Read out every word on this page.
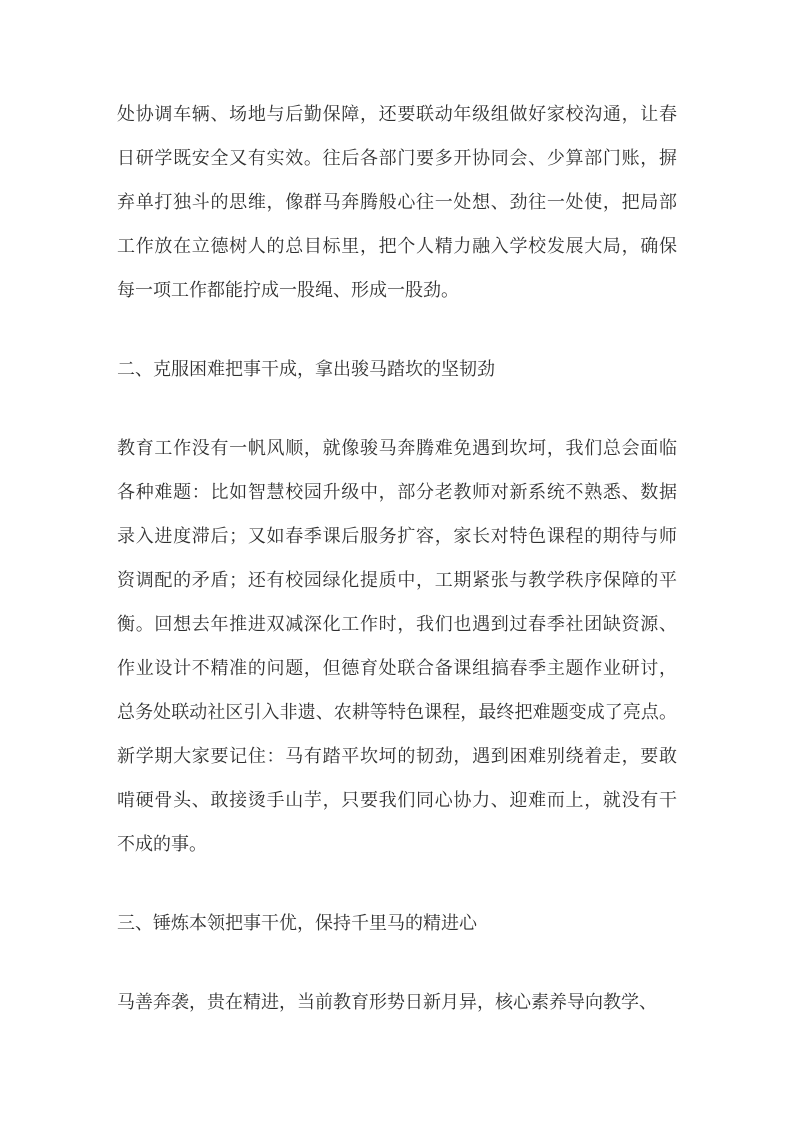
处协调车辆、场地与后勤保障，还要联动年级组做好家校沟通，让春
日研学既安全又有实效。往后各部门要多开协同会、少算部门账，摒
弃单打独斗的思维，像群马奔腾般心往一处想、劲往一处使，把局部
工作放在立德树人的总目标里，把个人精力融入学校发展大局，确保
每一项工作都能拧成一股绳、形成一股劲。
二、克服困难把事干成，拿出骏马踏坎的坚韧劲
教育工作没有一帆风顺，就像骏马奔腾难免遇到坎坷，我们总会面临
各种难题：比如智慧校园升级中，部分老教师对新系统不熟悉、数据
录入进度滞后；又如春季课后服务扩容，家长对特色课程的期待与师
资调配的矛盾；还有校园绿化提质中，工期紧张与教学秩序保障的平
衡。回想去年推进双减深化工作时，我们也遇到过春季社团缺资源、
作业设计不精准的问题，但德育处联合备课组搞春季主题作业研讨，
总务处联动社区引入非遗、农耕等特色课程，最终把难题变成了亮点。
新学期大家要记住：马有踏平坎坷的韧劲，遇到困难别绕着走，要敢
啃硬骨头、敢接烫手山芋，只要我们同心协力、迎难而上，就没有干
不成的事。
三、锤炼本领把事干优，保持千里马的精进心
马善奔袭，贵在精进，当前教育形势日新月异，核心素养导向教学、
